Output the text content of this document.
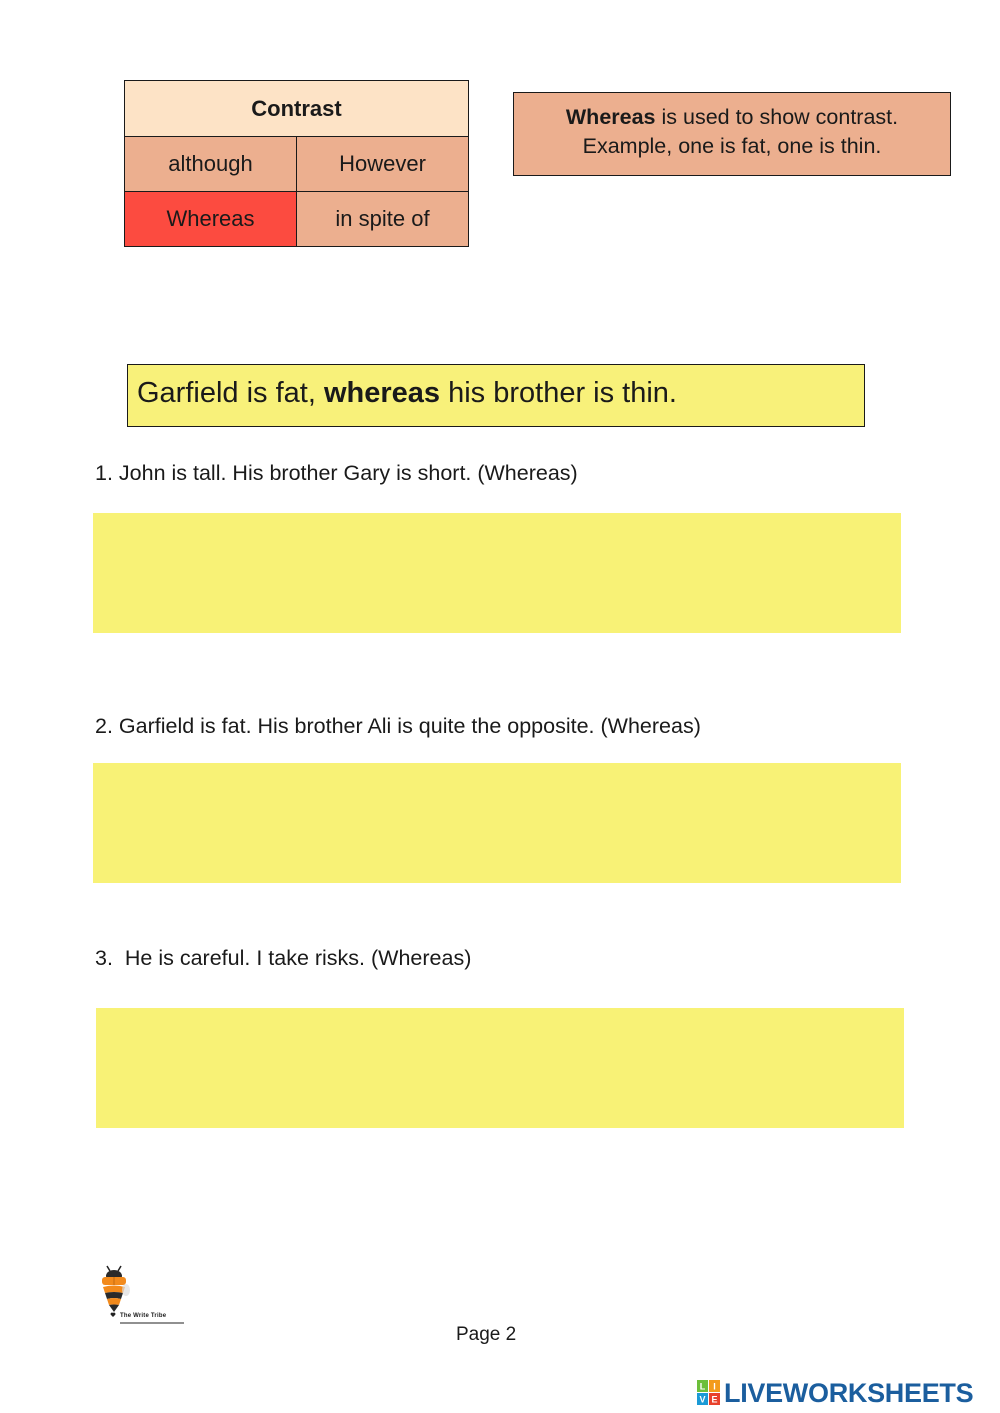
Contrast	
although	However
Whereas	in spite of
Whereas is used to show contrast.
Example, one is fat, one is thin.
Garfield is fat, whereas his brother is thin.
1. John is tall. His brother Gary is short. (Whereas)
2. Garfield is fat. His brother Ali is quite the opposite. (Whereas)
3.  He is careful. I take risks. (Whereas)
The Write Tribe
Page 2
L I
V E LIVEWORKSHEETS
